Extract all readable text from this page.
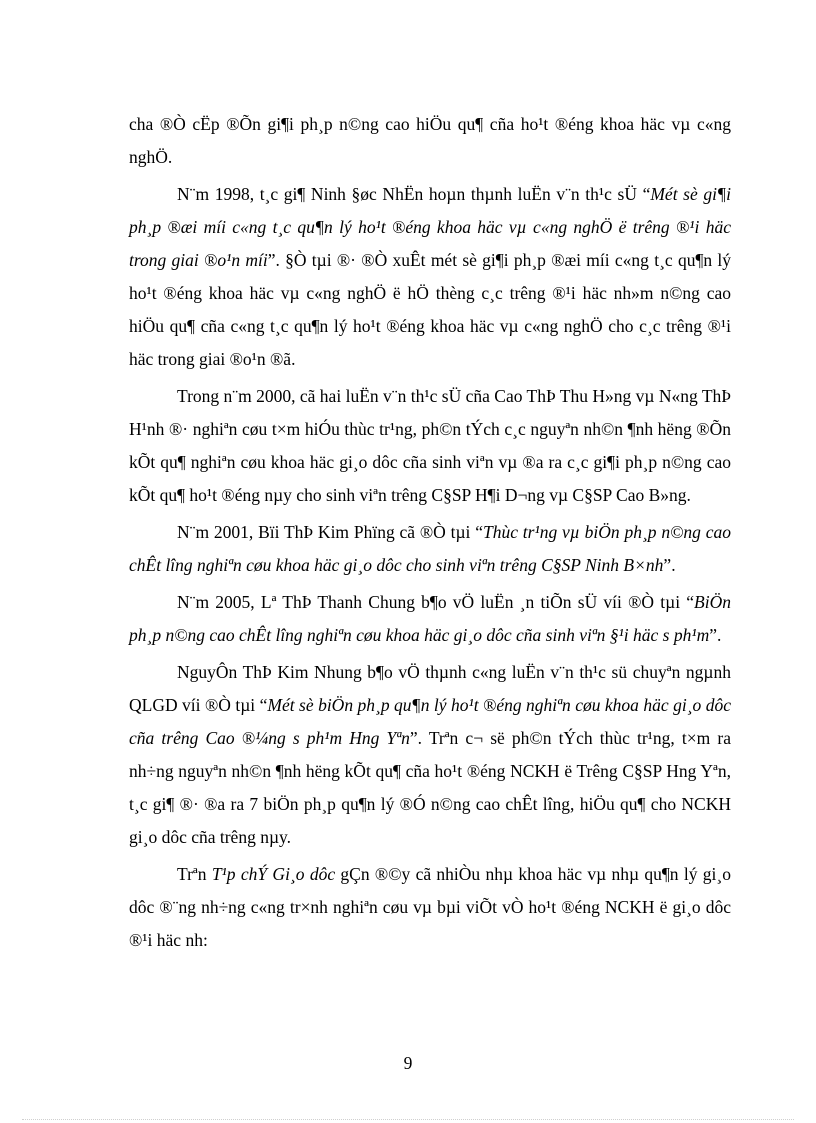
cha ®Ò cËp ®Õn gi¶i ph¸p n©ng cao hiÖu qu¶ cña ho¹t ®éng khoa häc vµ c«ng nghÖ.

N¨m 1998, t¸c gi¶ Ninh §øc NhËn hoµn thµnh luËn v¨n th¹c sÜ “Mét sè gi¶i ph¸p ®æi míi c«ng t¸c qu¶n lý ho¹t ®éng khoa häc vµ c«ng nghÖ ë trêng ®¹i häc trong giai ®o¹n míi”. §Ò tµi ®· ®Ò xuÊt mét sè gi¶i ph¸p ®æi míi c«ng t¸c qu¶n lý ho¹t ®éng khoa häc vµ c«ng nghÖ ë hÖ thèng c¸c trêng ®¹i häc nh»m n©ng cao hiÖu qu¶ cña c«ng t¸c qu¶n lý ho¹t ®éng khoa häc vµ c«ng nghÖ cho c¸c trêng ®¹i häc trong giai ®o¹n ®ã.

Trong n¨m 2000, cã hai luËn v¨n th¹c sÜ cña Cao ThÞ Thu H»ng vµ N«ng ThÞ H¹nh ®· nghiªn cøu t×m hiÓu thùc tr¹ng, ph©n tÝch c¸c nguyªn nh©n ¶nh hëng ®Õn kÕt qu¶ nghiªn cøu khoa häc gi¸o dôc cña sinh viªn vµ ®a ra c¸c gi¶i ph¸p n©ng cao kÕt qu¶ ho¹t ®éng nµy cho sinh viªn trêng C§SP H¶i D¬ng vµ C§SP Cao B»ng.

N¨m 2001, Bïi ThÞ Kim Phïng cã ®Ò tµi “Thùc tr¹ng vµ biÖn ph¸p n©ng cao chÊt lîng nghiªn cøu khoa häc gi¸o dôc cho sinh viªn trêng C§SP Ninh B×nh”.

N¨m 2005, Lª ThÞ Thanh Chung b¶o vÖ luËn ¸n tiÕn sÜ víi ®Ò tµi “BiÖn ph¸p n©ng cao chÊt lîng nghiªn cøu khoa häc gi¸o dôc cña sinh viªn §¹i häc s ph¹m”.

NguyÔn ThÞ Kim Nhung b¶o vÖ thµnh c«ng luËn v¨n th¹c sü chuyªn ngµnh QLGD víi ®Ò tµi “Mét sè biÖn ph¸p qu¶n lý ho¹t ®éng nghiªn cøu khoa häc gi¸o dôc cña trêng Cao ®¼ng s ph¹m Hng Yªn”. Trªn c¬ së ph©n tÝch thùc tr¹ng, t×m ra nh÷ng nguyªn nh©n ¶nh hëng kÕt qu¶ cña ho¹t ®éng NCKH ë Trêng C§SP Hng Yªn, t¸c gi¶ ®· ®a ra 7 biÖn ph¸p qu¶n lý ®Ó n©ng cao chÊt lîng, hiÖu qu¶ cho NCKH gi¸o dôc cña trêng nµy.

Trªn T¹p chÝ Gi¸o dôc gÇn ®©y cã nhiÒu nhµ khoa häc vµ nhµ qu¶n lý gi¸o dôc ®¨ng nh÷ng c«ng tr×nh nghiªn cøu vµ bµi viÕt vÒ ho¹t ®éng NCKH ë gi¸o dôc ®¹i häc nh:

9
